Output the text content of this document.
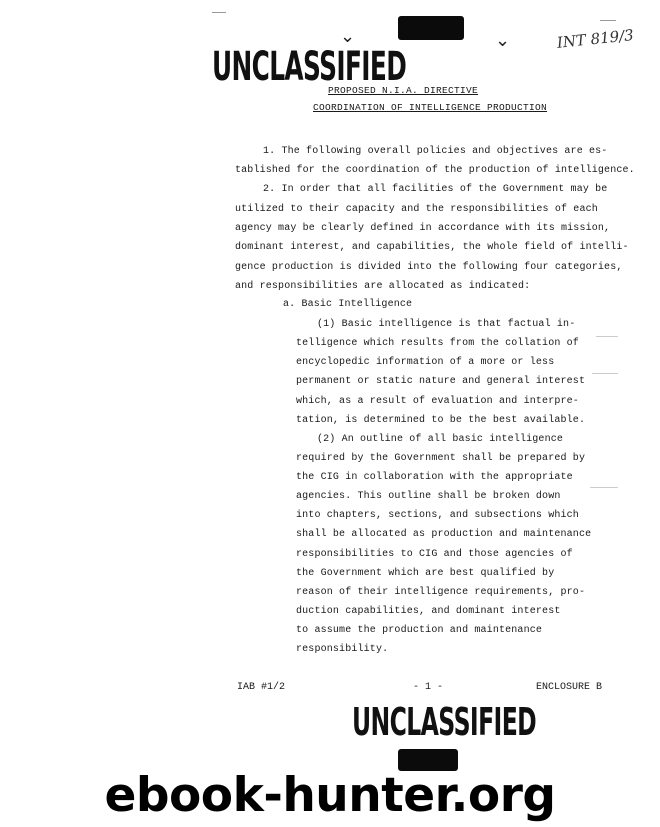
⌄	⌄	INT 819/3
UNCLASSIFIED
PROPOSED N.I.A. DIRECTIVE
COORDINATION OF INTELLIGENCE PRODUCTION
1. The following overall policies and objectives are es-
tablished for the coordination of the production of intelligence.
2. In order that all facilities of the Government may be
utilized to their capacity and the responsibilities of each
agency may be clearly defined in accordance with its mission,
dominant interest, and capabilities, the whole field of intelli-
gence production is divided into the following four categories,
and responsibilities are allocated as indicated:
a. Basic Intelligence
(1) Basic intelligence is that factual in-
telligence which results from the collation of
encyclopedic information of a more or less
permanent or static nature and general interest
which, as a result of evaluation and interpre-
tation, is determined to be the best available.
(2) An outline of all basic intelligence
required by the Government shall be prepared by
the CIG in collaboration with the appropriate
agencies. This outline shall be broken down
into chapters, sections, and subsections which
shall be allocated as production and maintenance
responsibilities to CIG and those agencies of
the Government which are best qualified by
reason of their intelligence requirements, pro-
duction capabilities, and dominant interest
to assume the production and maintenance
responsibility.
IAB #1/2	- 1 -	ENCLOSURE B
UNCLASSIFIED
ebook-hunter.org
